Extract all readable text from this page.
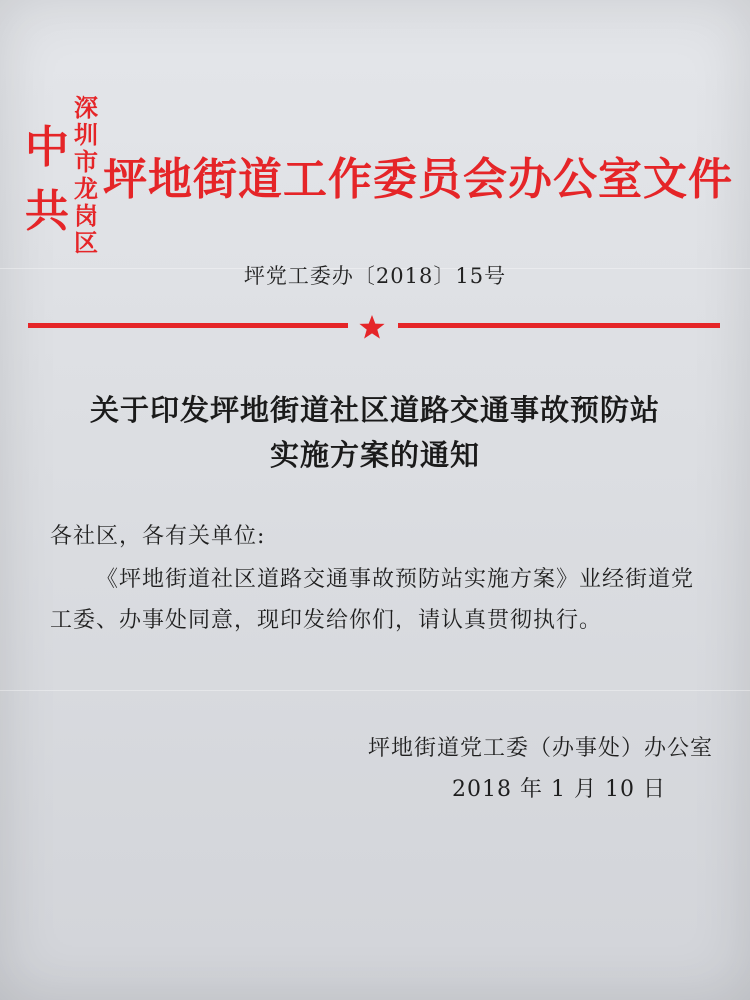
中共
深圳市
龙岗区
坪地街道工作委员会办公室文件
坪党工委办〔2018〕15号
关于印发坪地街道社区道路交通事故预防站
实施方案的通知
各社区，各有关单位:
《坪地街道社区道路交通事故预防站实施方案》业经街道党
工委、办事处同意，现印发给你们，请认真贯彻执行。
坪地街道党工委（办事处）办公室
2018 年 1 月 10 日
